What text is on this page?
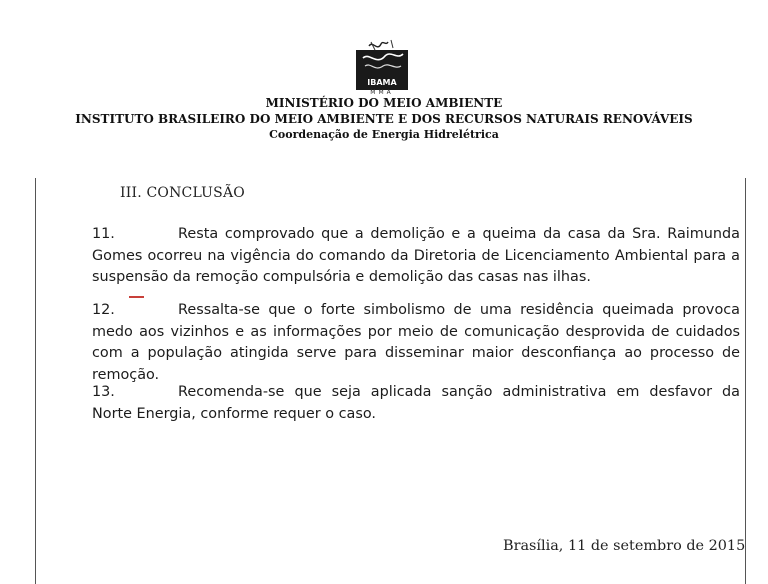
IBAMA
MMA
MINISTÉRIO DO MEIO AMBIENTE
INSTITUTO BRASILEIRO DO MEIO AMBIENTE E DOS RECURSOS NATURAIS RENOVÁVEIS
Coordenação de Energia Hidrelétrica
III. CONCLUSÃO
11.	Resta comprovado que a demolição e a queima da casa da Sra. Raimunda Gomes ocorreu na vigência do comando da Diretoria de Licenciamento Ambiental para a suspensão da remoção compulsória e demolição das casas nas ilhas.
12.	Ressalta-se que o forte simbolismo de uma residência queimada provoca medo aos vizinhos e as informações por meio de comunicação desprovida de cuidados com a população atingida serve para disseminar maior desconfiança ao processo de remoção.
13.	Recomenda-se que seja aplicada sanção administrativa em desfavor da Norte Energia, conforme requer o caso.
Brasília, 11 de setembro de 2015
